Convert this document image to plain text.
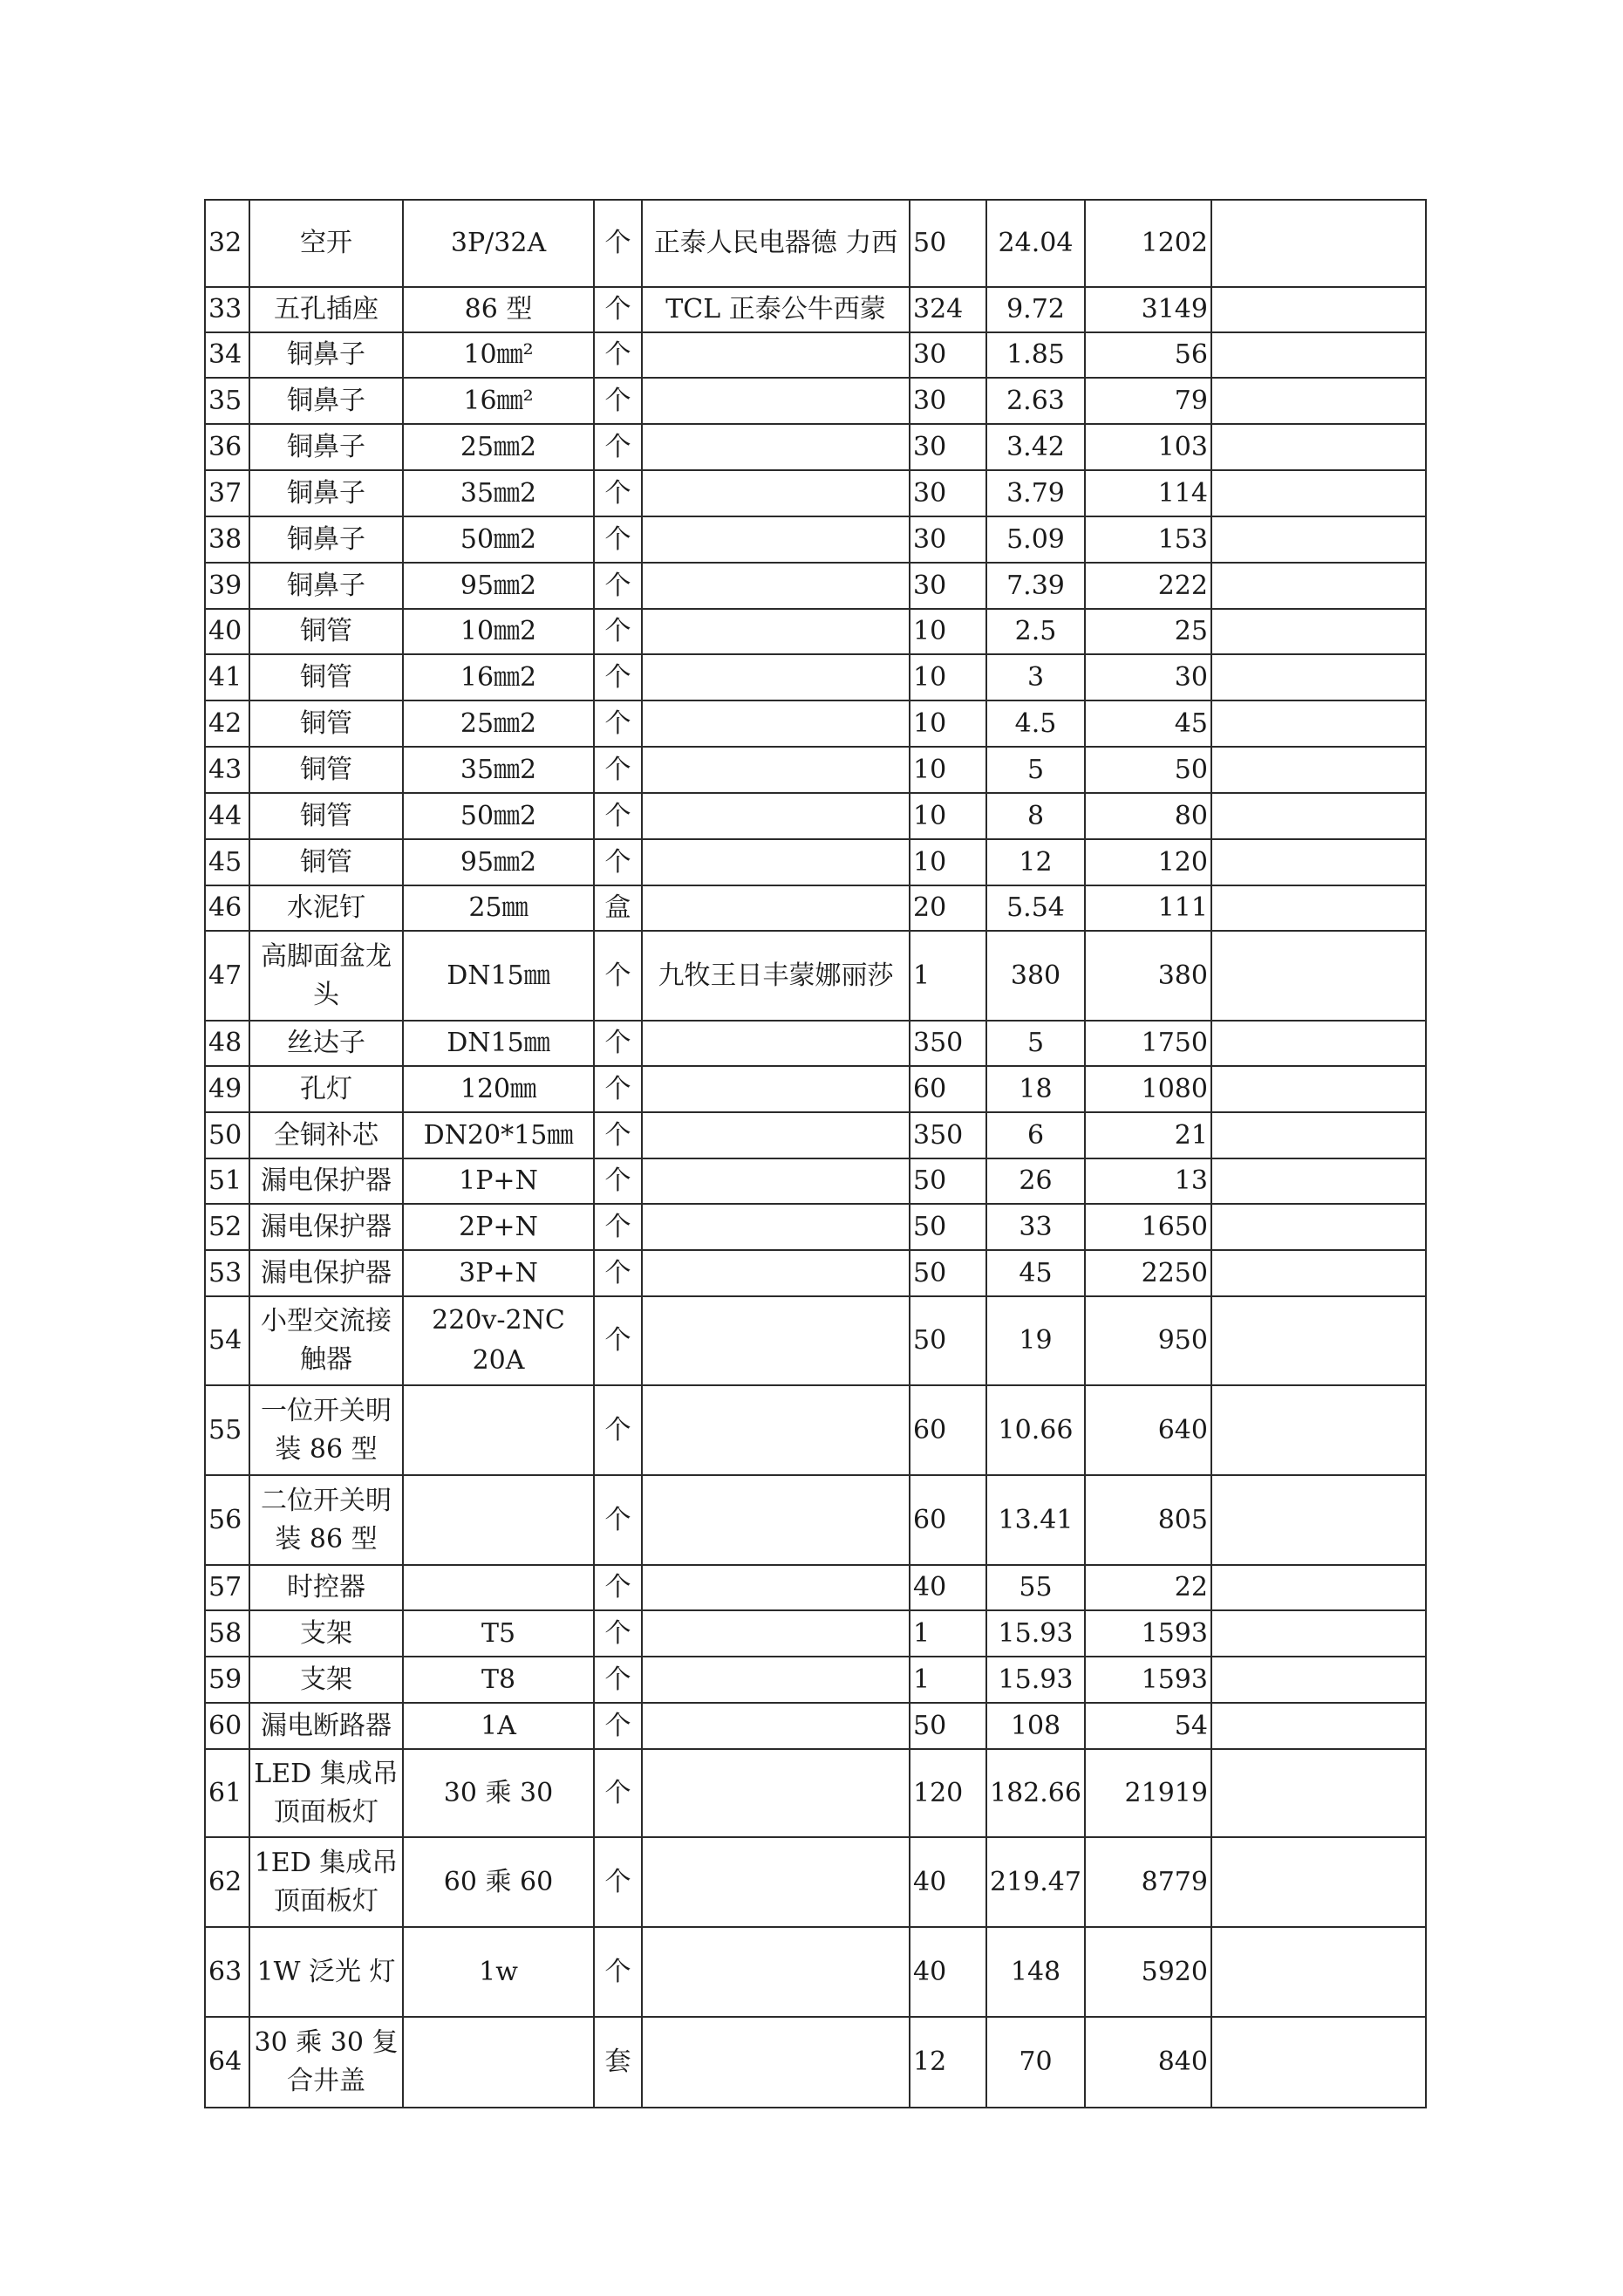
32	空开	3P/32A	个	正泰人民电器德 力西	50	24.04	1202	
33	五孔插座	86 型	个	TCL 正泰公牛西蒙	324	9.72	3149	
34	铜鼻子	10㎜²	个		30	1.85	56	
35	铜鼻子	16㎜²	个		30	2.63	79	
36	铜鼻子	25㎜2	个		30	3.42	103	
37	铜鼻子	35㎜2	个		30	3.79	114	
38	铜鼻子	50㎜2	个		30	5.09	153	
39	铜鼻子	95㎜2	个		30	7.39	222	
40	铜管	10㎜2	个		10	2.5	25	
41	铜管	16㎜2	个		10	3	30	
42	铜管	25㎜2	个		10	4.5	45	
43	铜管	35㎜2	个		10	5	50	
44	铜管	50㎜2	个		10	8	80	
45	铜管	95㎜2	个		10	12	120	
46	水泥钉	25㎜	盒		20	5.54	111	
47	高脚面盆龙头	DN15㎜	个	九牧王日丰蒙娜丽莎	1	380	380	
48	丝达子	DN15㎜	个		350	5	1750	
49	孔灯	120㎜	个		60	18	1080	
50	全铜补芯	DN20*15㎜	个		350	6	21	
51	漏电保护器	1P+N	个		50	26	13	
52	漏电保护器	2P+N	个		50	33	1650	
53	漏电保护器	3P+N	个		50	45	2250	
54	小型交流接触器	220v-2NC 20A	个		50	19	950	
55	一位开关明装 86 型		个		60	10.66	640	
56	二位开关明装 86 型		个		60	13.41	805	
57	时控器		个		40	55	22	
58	支架	T5	个		1	15.93	1593	
59	支架	T8	个		1	15.93	1593	
60	漏电断路器	1A	个		50	108	54	
61	LED 集成吊顶面板灯	30 乘 30	个		120	182.66	21919	
62	1ED 集成吊顶面板灯	60 乘 60	个		40	219.47	8779	
63	1W 泛光 灯	1w	个		40	148	5920	
64	30 乘 30 复合井盖		套		12	70	840	
